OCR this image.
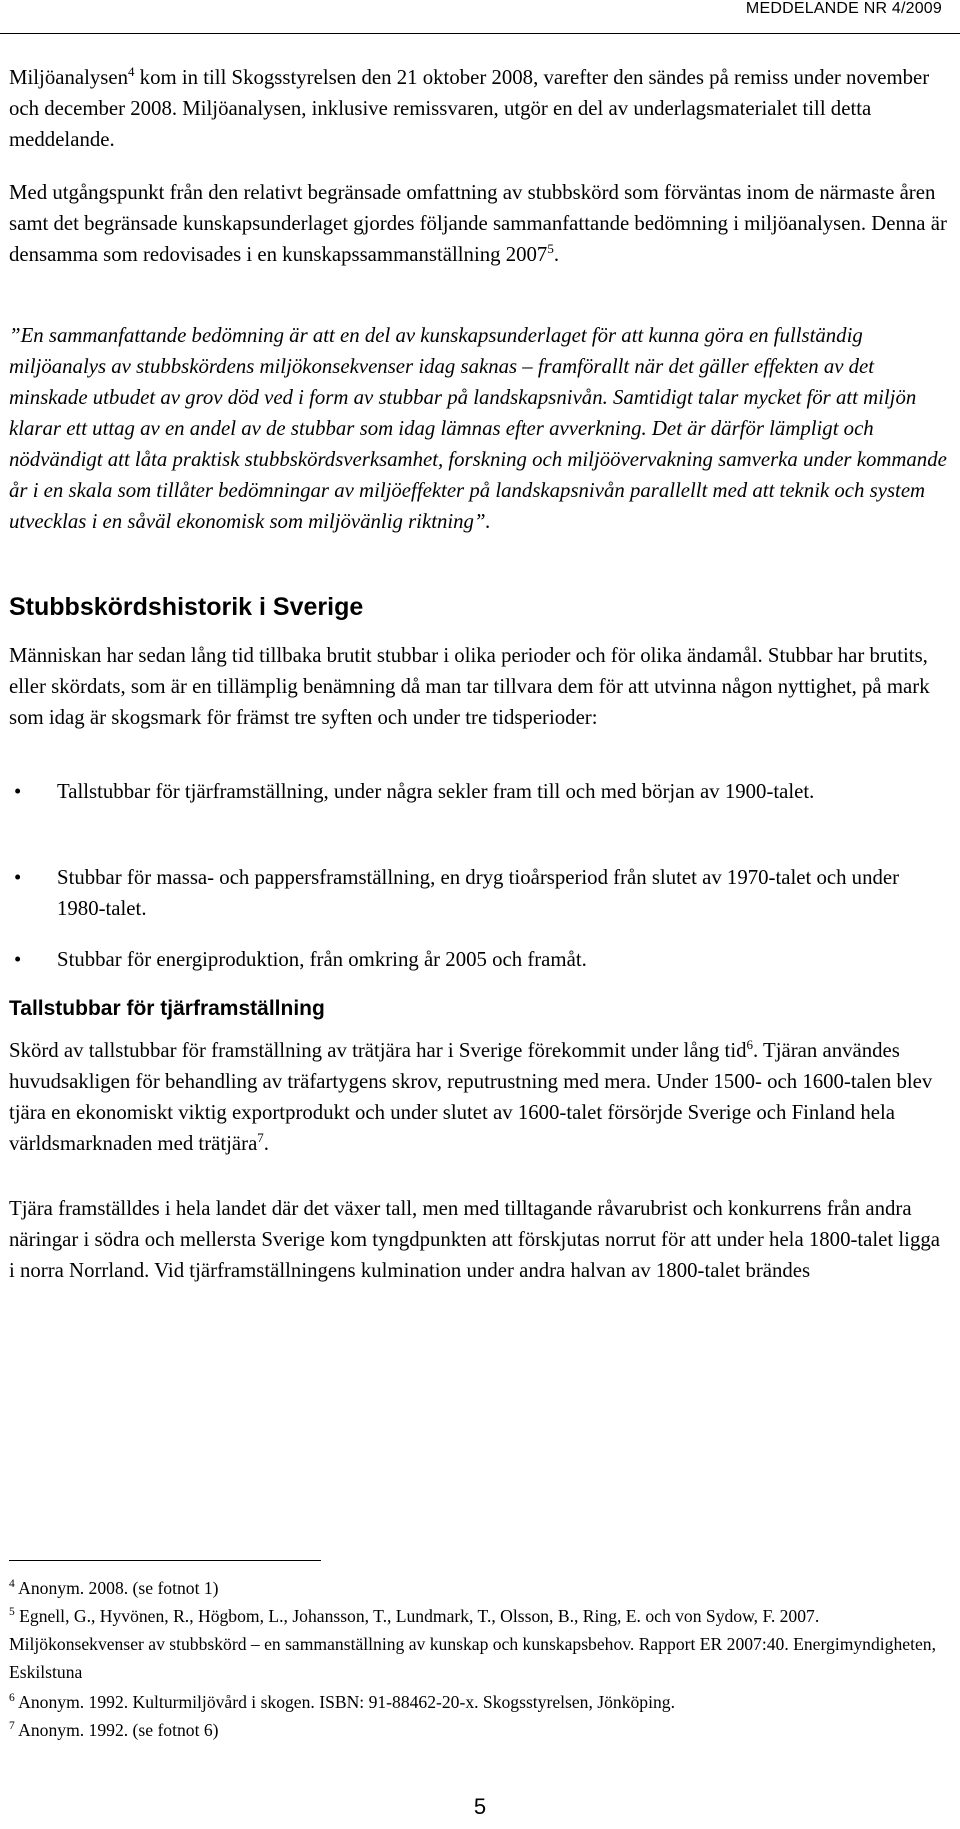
MEDDELANDE NR 4/2009

Miljöanalysen$^4$ kom in till Skogsstyrelsen den 21 oktober 2008, varefter den sändes på remiss under november och december 2008. Miljöanalysen, inklusive remissvaren, utgör en del av underlagsmaterialet till detta meddelande.

Med utgångspunkt från den relativt begränsade omfattning av stubbskörd som förväntas inom de närmaste åren samt det begränsade kunskapsunderlaget gjordes följande sammanfattande bedömning i miljöanalysen. Denna är densamma som redovisades i en kunskapssammanställning 2007$^5$.

”En sammanfattande bedömning är att en del av kunskapsunderlaget för att kunna göra en fullständig miljöanalys av stubbskördens miljökonsekvenser idag saknas – framförallt när det gäller effekten av det minskade utbudet av grov död ved i form av stubbar på landskapsnivån. Samtidigt talar mycket för att miljön klarar ett uttag av en andel av de stubbar som idag lämnas efter avverkning. Det är därför lämpligt och nödvändigt att låta praktisk stubbskördsverksamhet, forskning och miljöövervakning samverka under kommande år i en skala som tillåter bedömningar av miljöeffekter på landskapsnivån parallellt med att teknik och system utvecklas i en såväl ekonomisk som miljövänlig riktning”.

Stubbskördshistorik i Sverige

Människan har sedan lång tid tillbaka brutit stubbar i olika perioder och för olika ändamål. Stubbar har brutits, eller skördats, som är en tillämplig benämning då man tar tillvara dem för att utvinna någon nyttighet, på mark som idag är skogsmark för främst tre syften och under tre tidsperioder:

• Tallstubbar för tjärframställning, under några sekler fram till och med början av 1900-talet.
• Stubbar för massa- och pappersframställning, en dryg tioårsperiod från slutet av 1970-talet och under 1980-talet.
• Stubbar för energiproduktion, från omkring år 2005 och framåt.
Tallstubbar för tjärframställning

Skörd av tallstubbar för framställning av trätjära har i Sverige förekommit under lång tid$^6$. Tjäran användes huvudsakligen för behandling av träfartygens skrov, reputrustning med mera. Under 1500- och 1600-talen blev tjära en ekonomiskt viktig exportprodukt och under slutet av 1600-talet försörjde Sverige och Finland hela världsmarknaden med trätjära$^7$.

Tjära framställdes i hela landet där det växer tall, men med tilltagande råvarubrist och konkurrens från andra näringar i södra och mellersta Sverige kom tyngdpunkten att förskjutas norrut för att under hela 1800-talet ligga i norra Norrland. Vid tjärframställningens kulmination under andra halvan av 1800-talet brändes

$^4$ Anonym. 2008. (se fotnot 1)

$^5$ Egnell, G., Hyvönen, R., Högbom, L., Johansson, T., Lundmark, T., Olsson, B., Ring, E. och von Sydow, F. 2007. Miljökonsekvenser av stubbskörd – en sammanställning av kunskap och kunskapsbehov. Rapport ER 2007:40. Energimyndigheten, Eskilstuna

$^6$ Anonym. 1992. Kulturmiljövård i skogen. ISBN: 91-88462-20-x. Skogsstyrelsen, Jönköping.

$^7$ Anonym. 1992. (se fotnot 6)

5
